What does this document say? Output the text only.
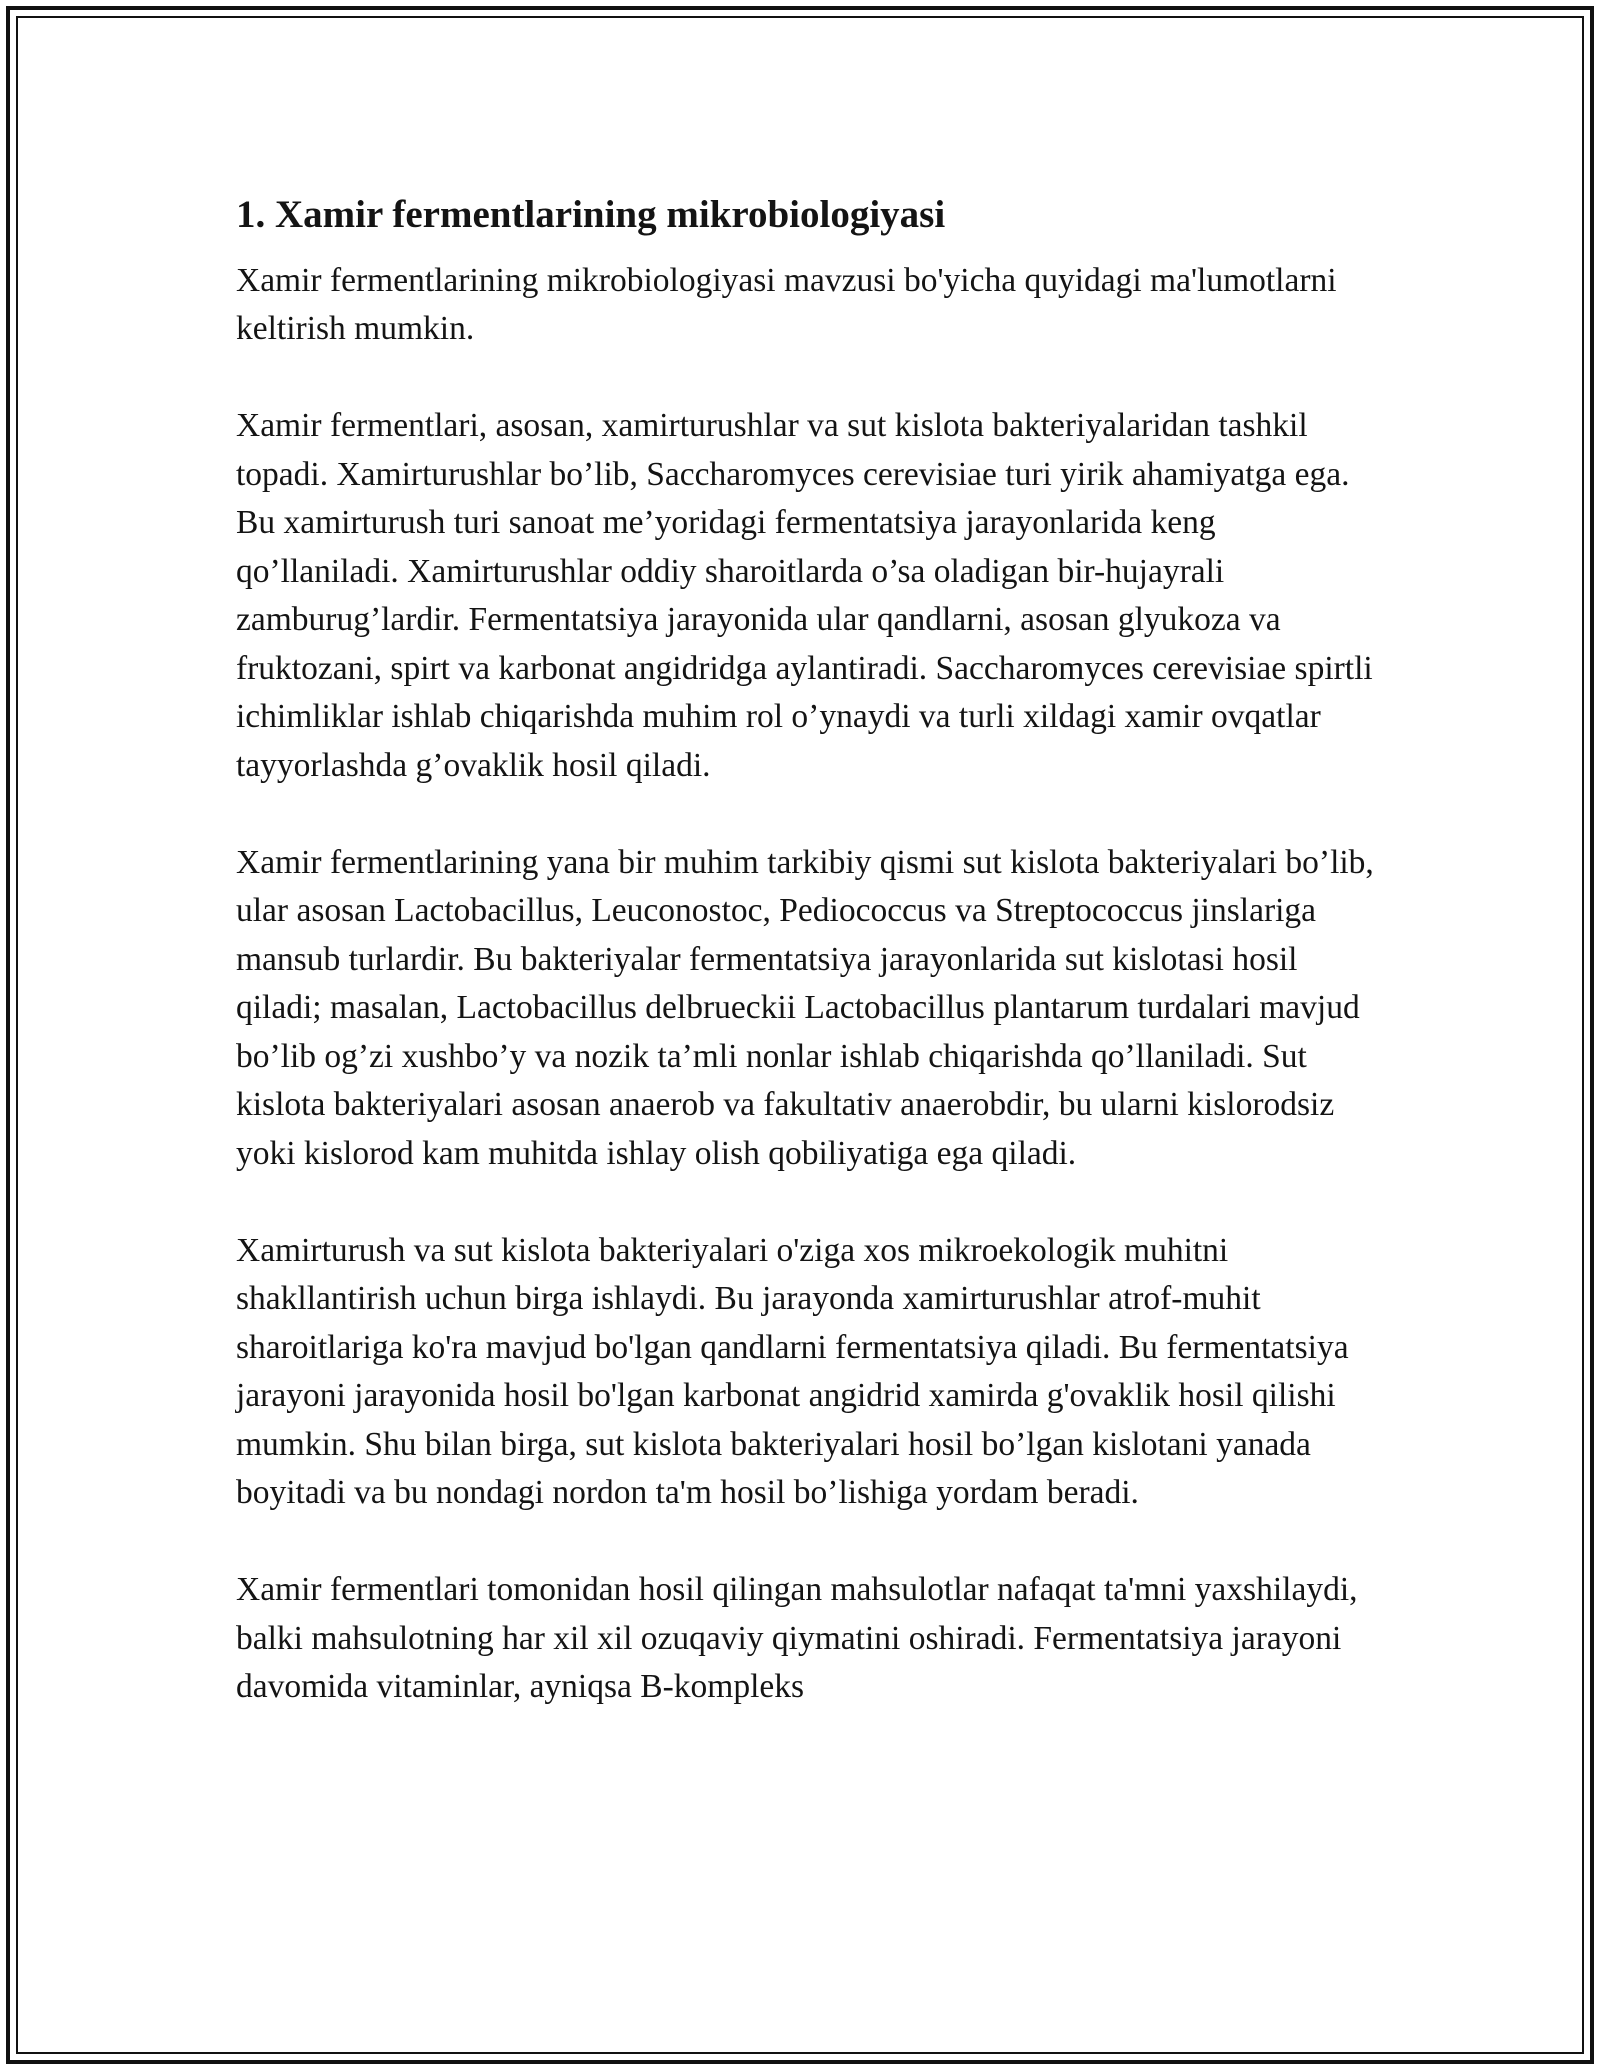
1. Xamir fermentlarining mikrobiologiyasi

Xamir fermentlarining mikrobiologiyasi mavzusi bo'yicha quyidagi ma'lumotlarni keltirish mumkin.

Xamir fermentlari, asosan, xamirturushlar va sut kislota bakteriyalaridan tashkil topadi. Xamirturushlar bo’lib, Saccharomyces cerevisiae turi yirik ahamiyatga ega. Bu xamirturush turi sanoat me’yoridagi fermentatsiya jarayonlarida keng qo’llaniladi. Xamirturushlar oddiy sharoitlarda o’sa oladigan bir-hujayrali zamburug’lardir. Fermentatsiya jarayonida ular qandlarni, asosan glyukoza va fruktozani, spirt va karbonat angidridga aylantiradi. Saccharomyces cerevisiae spirtli ichimliklar ishlab chiqarishda muhim rol o’ynaydi va turli xildagi xamir ovqatlar tayyorlashda g’ovaklik hosil qiladi.

Xamir fermentlarining yana bir muhim tarkibiy qismi sut kislota bakteriyalari bo’lib, ular asosan Lactobacillus, Leuconostoc, Pediococcus va Streptococcus jinslariga mansub turlardir. Bu bakteriyalar fermentatsiya jarayonlarida sut kislotasi hosil qiladi; masalan, Lactobacillus delbrueckii Lactobacillus plantarum turdalari mavjud bo’lib og’zi xushbo’y va nozik ta’mli nonlar ishlab chiqarishda qo’llaniladi. Sut kislota bakteriyalari asosan anaerob va fakultativ anaerobdir, bu ularni kislorodsiz yoki kislorod kam muhitda ishlay olish qobiliyatiga ega qiladi.

Xamirturush va sut kislota bakteriyalari o'ziga xos mikroekologik muhitni shakllantirish uchun birga ishlaydi. Bu jarayonda xamirturushlar atrof-muhit sharoitlariga ko'ra mavjud bo'lgan qandlarni fermentatsiya qiladi. Bu fermentatsiya jarayoni jarayonida hosil bo'lgan karbonat angidrid xamirda g'ovaklik hosil qilishi mumkin. Shu bilan birga, sut kislota bakteriyalari hosil bo’lgan kislotani yanada boyitadi va bu nondagi nordon ta'm hosil bo’lishiga yordam beradi.

Xamir fermentlari tomonidan hosil qilingan mahsulotlar nafaqat ta'mni yaxshilaydi, balki mahsulotning har xil xil ozuqaviy qiymatini oshiradi. Fermentatsiya jarayoni davomida vitaminlar, ayniqsa B-kompleks
